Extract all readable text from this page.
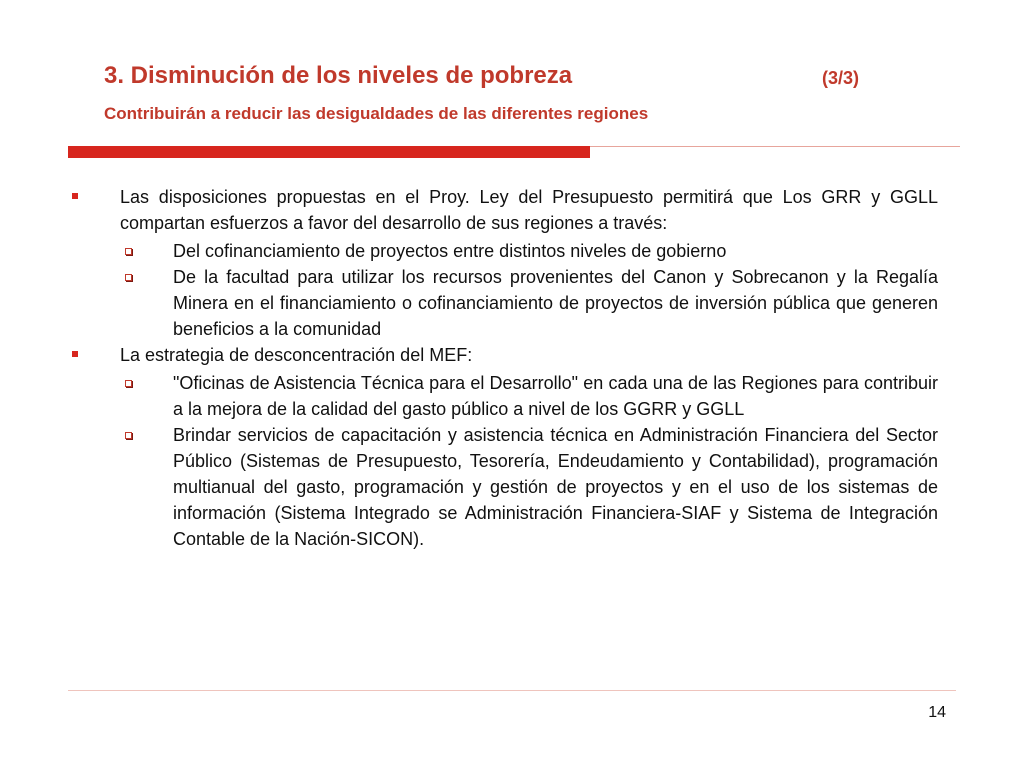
3. Disminución de los niveles de pobreza	(3/3)
Contribuirán a reducir las desigualdades de las diferentes regiones
Las disposiciones propuestas en el Proy. Ley del Presupuesto permitirá que Los GRR y GGLL compartan esfuerzos a favor del desarrollo de sus regiones a través:
Del cofinanciamiento de proyectos entre distintos niveles de gobierno
De la facultad para utilizar los recursos provenientes del Canon y Sobrecanon y la Regalía Minera en el financiamiento o cofinanciamiento de proyectos de inversión pública que generen beneficios a la comunidad
La estrategia de desconcentración del MEF:
"Oficinas de Asistencia Técnica para el Desarrollo" en cada una de las Regiones para contribuir a la mejora de la calidad del gasto público a nivel de los GGRR y GGLL
Brindar servicios de capacitación y asistencia técnica en Administración Financiera del Sector Público (Sistemas de Presupuesto, Tesorería, Endeudamiento y Contabilidad), programación multianual del gasto, programación y gestión de proyectos y en el uso de los sistemas de información (Sistema Integrado se Administración Financiera-SIAF y Sistema de Integración Contable de la Nación-SICON).
14
